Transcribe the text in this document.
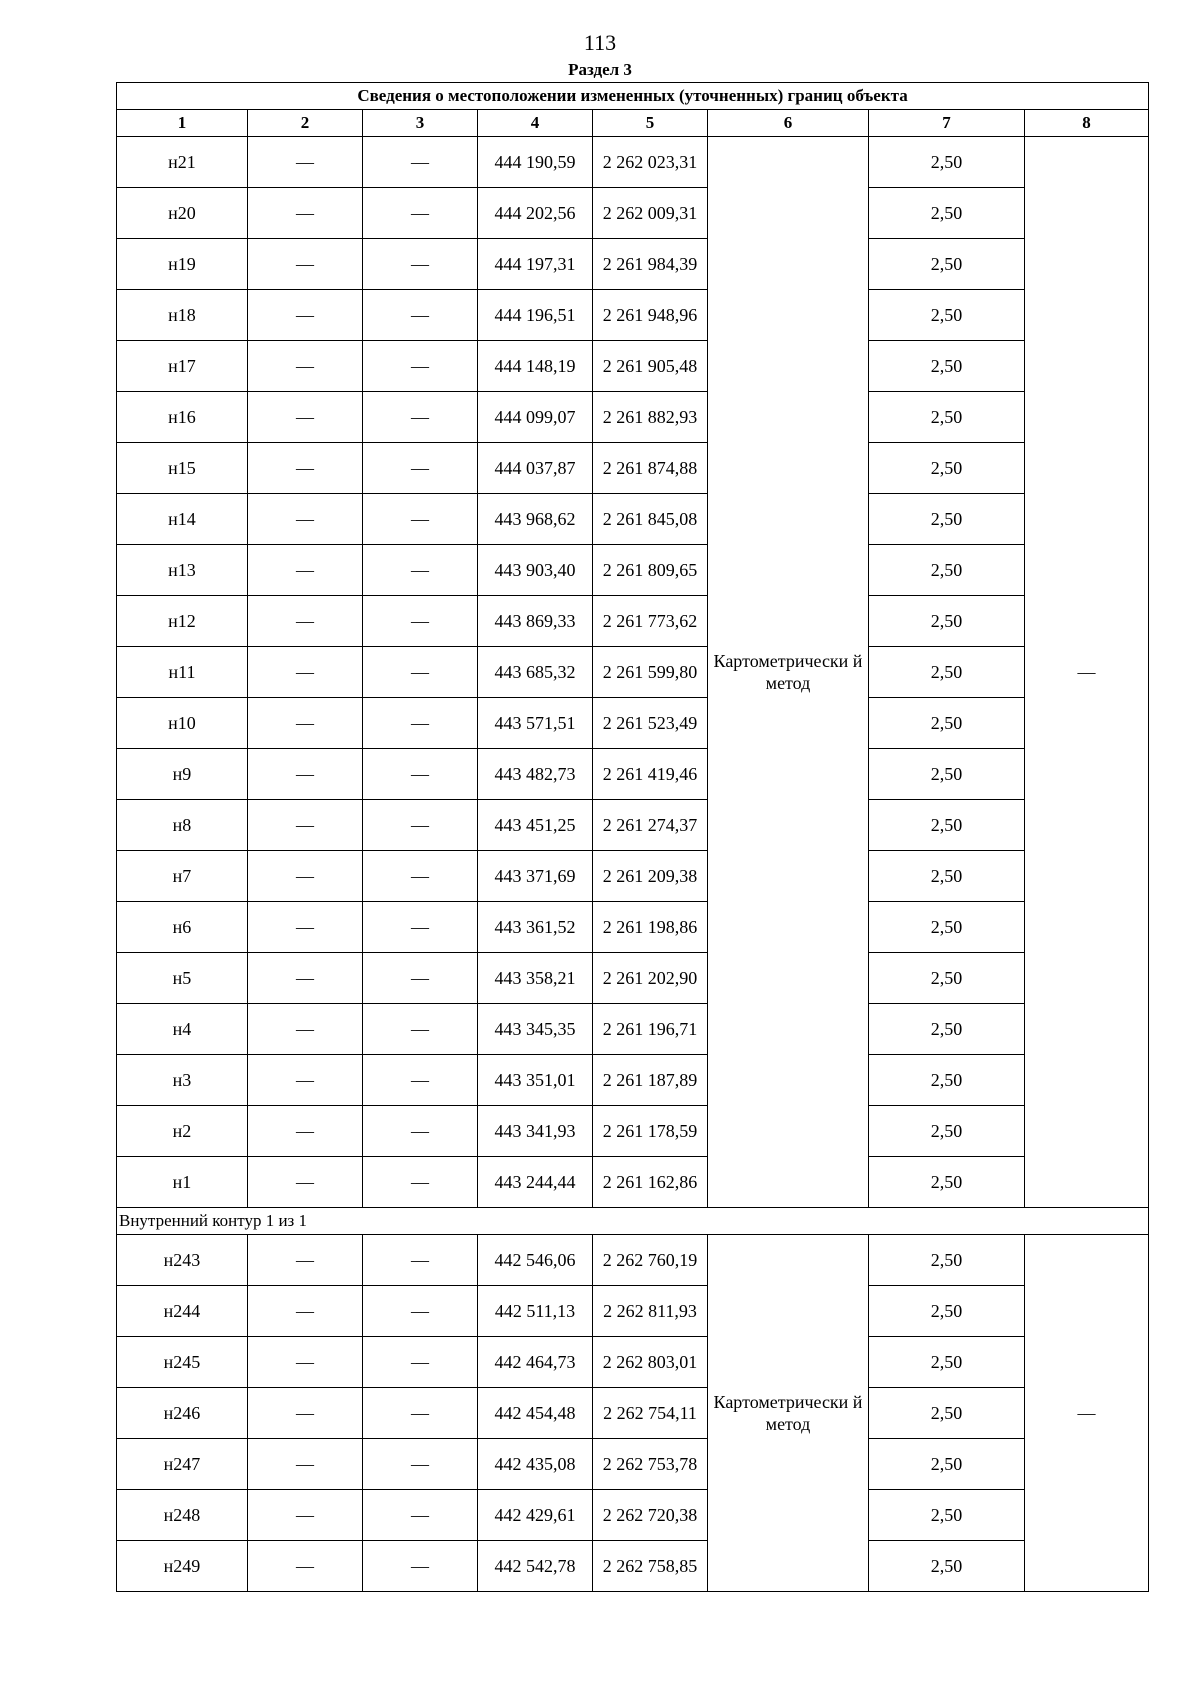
113
Раздел 3
Сведения о местоположении измененных (уточненных) границ объекта							
1	2	3	4	5	6	7	8
н21	—	—	444 190,59	2 262 023,31	Картометрически й метод	2,50	—
н20	—	—	444 202,56	2 262 009,31		2,50	
н19	—	—	444 197,31	2 261 984,39		2,50	
н18	—	—	444 196,51	2 261 948,96		2,50	
н17	—	—	444 148,19	2 261 905,48		2,50	
н16	—	—	444 099,07	2 261 882,93		2,50	
н15	—	—	444 037,87	2 261 874,88		2,50	
н14	—	—	443 968,62	2 261 845,08		2,50	
н13	—	—	443 903,40	2 261 809,65		2,50	
н12	—	—	443 869,33	2 261 773,62		2,50	
н11	—	—	443 685,32	2 261 599,80		2,50	
н10	—	—	443 571,51	2 261 523,49		2,50	
н9	—	—	443 482,73	2 261 419,46		2,50	
н8	—	—	443 451,25	2 261 274,37		2,50	
н7	—	—	443 371,69	2 261 209,38		2,50	
н6	—	—	443 361,52	2 261 198,86		2,50	
н5	—	—	443 358,21	2 261 202,90		2,50	
н4	—	—	443 345,35	2 261 196,71		2,50	
н3	—	—	443 351,01	2 261 187,89		2,50	
н2	—	—	443 341,93	2 261 178,59		2,50	
н1	—	—	443 244,44	2 261 162,86		2,50	
Внутренний контур 1 из 1							
н243	—	—	442 546,06	2 262 760,19	Картометрически й метод	2,50	—
н244	—	—	442 511,13	2 262 811,93		2,50	
н245	—	—	442 464,73	2 262 803,01		2,50	
н246	—	—	442 454,48	2 262 754,11		2,50	
н247	—	—	442 435,08	2 262 753,78		2,50	
н248	—	—	442 429,61	2 262 720,38		2,50	
н249	—	—	442 542,78	2 262 758,85		2,50	
